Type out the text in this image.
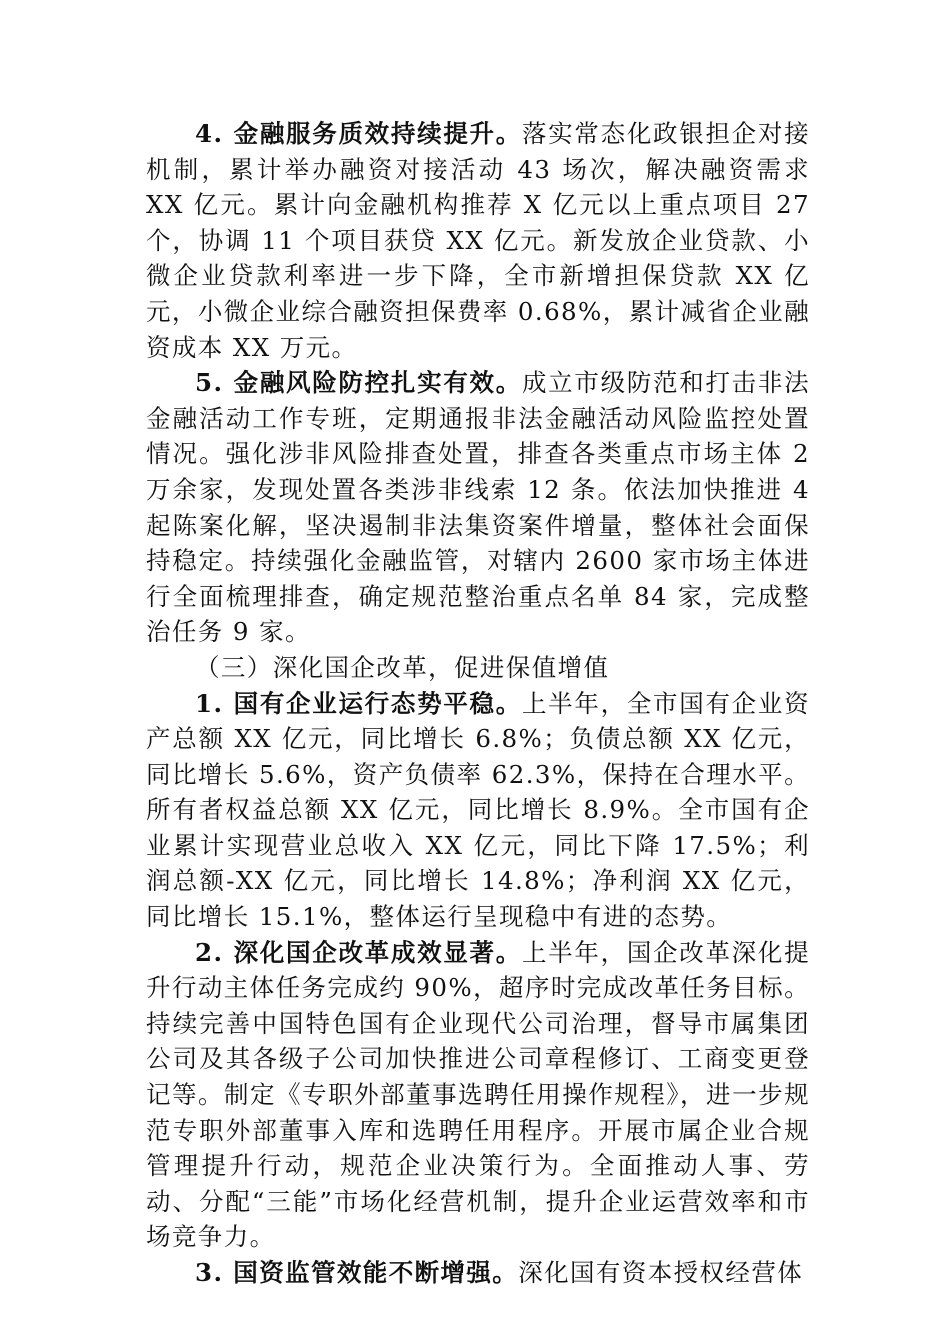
4. 金融服务质效持续提升。落实常态化政银担企对接机制，累计举办融资对接活动 43 场次，解决融资需求 XX 亿元。累计向金融机构推荐 X 亿元以上重点项目 27 个，协调 11 个项目获贷 XX 亿元。新发放企业贷款、小微企业贷款利率进一步下降，全市新增担保贷款 XX 亿元，小微企业综合融资担保费率 0.68%，累计减省企业融资成本 XX 万元。

5. 金融风险防控扎实有效。成立市级防范和打击非法金融活动工作专班，定期通报非法金融活动风险监控处置情况。强化涉非风险排查处置，排查各类重点市场主体 2 万余家，发现处置各类涉非线索 12 条。依法加快推进 4 起陈案化解，坚决遏制非法集资案件增量，整体社会面保持稳定。持续强化金融监管，对辖内 2600 家市场主体进行全面梳理排查，确定规范整治重点名单 84 家，完成整治任务 9 家。

（三）深化国企改革，促进保值增值

1. 国有企业运行态势平稳。上半年，全市国有企业资产总额 XX 亿元，同比增长 6.8%；负债总额 XX 亿元，同比增长 5.6%，资产负债率 62.3%，保持在合理水平。所有者权益总额 XX 亿元，同比增长 8.9%。全市国有企业累计实现营业总收入 XX 亿元，同比下降 17.5%；利润总额-XX 亿元，同比增长 14.8%；净利润 XX 亿元，同比增长 15.1%，整体运行呈现稳中有进的态势。

2. 深化国企改革成效显著。上半年，国企改革深化提升行动主体任务完成约 90%，超序时完成改革任务目标。持续完善中国特色国有企业现代公司治理，督导市属集团公司及其各级子公司加快推进公司章程修订、工商变更登记等。制定《专职外部董事选聘任用操作规程》，进一步规范专职外部董事入库和选聘任用程序。开展市属企业合规管理提升行动，规范企业决策行为。全面推动人事、劳动、分配“三能”市场化经营机制，提升企业运营效率和市场竞争力。

3. 国资监管效能不断增强。深化国有资本授权经营体
